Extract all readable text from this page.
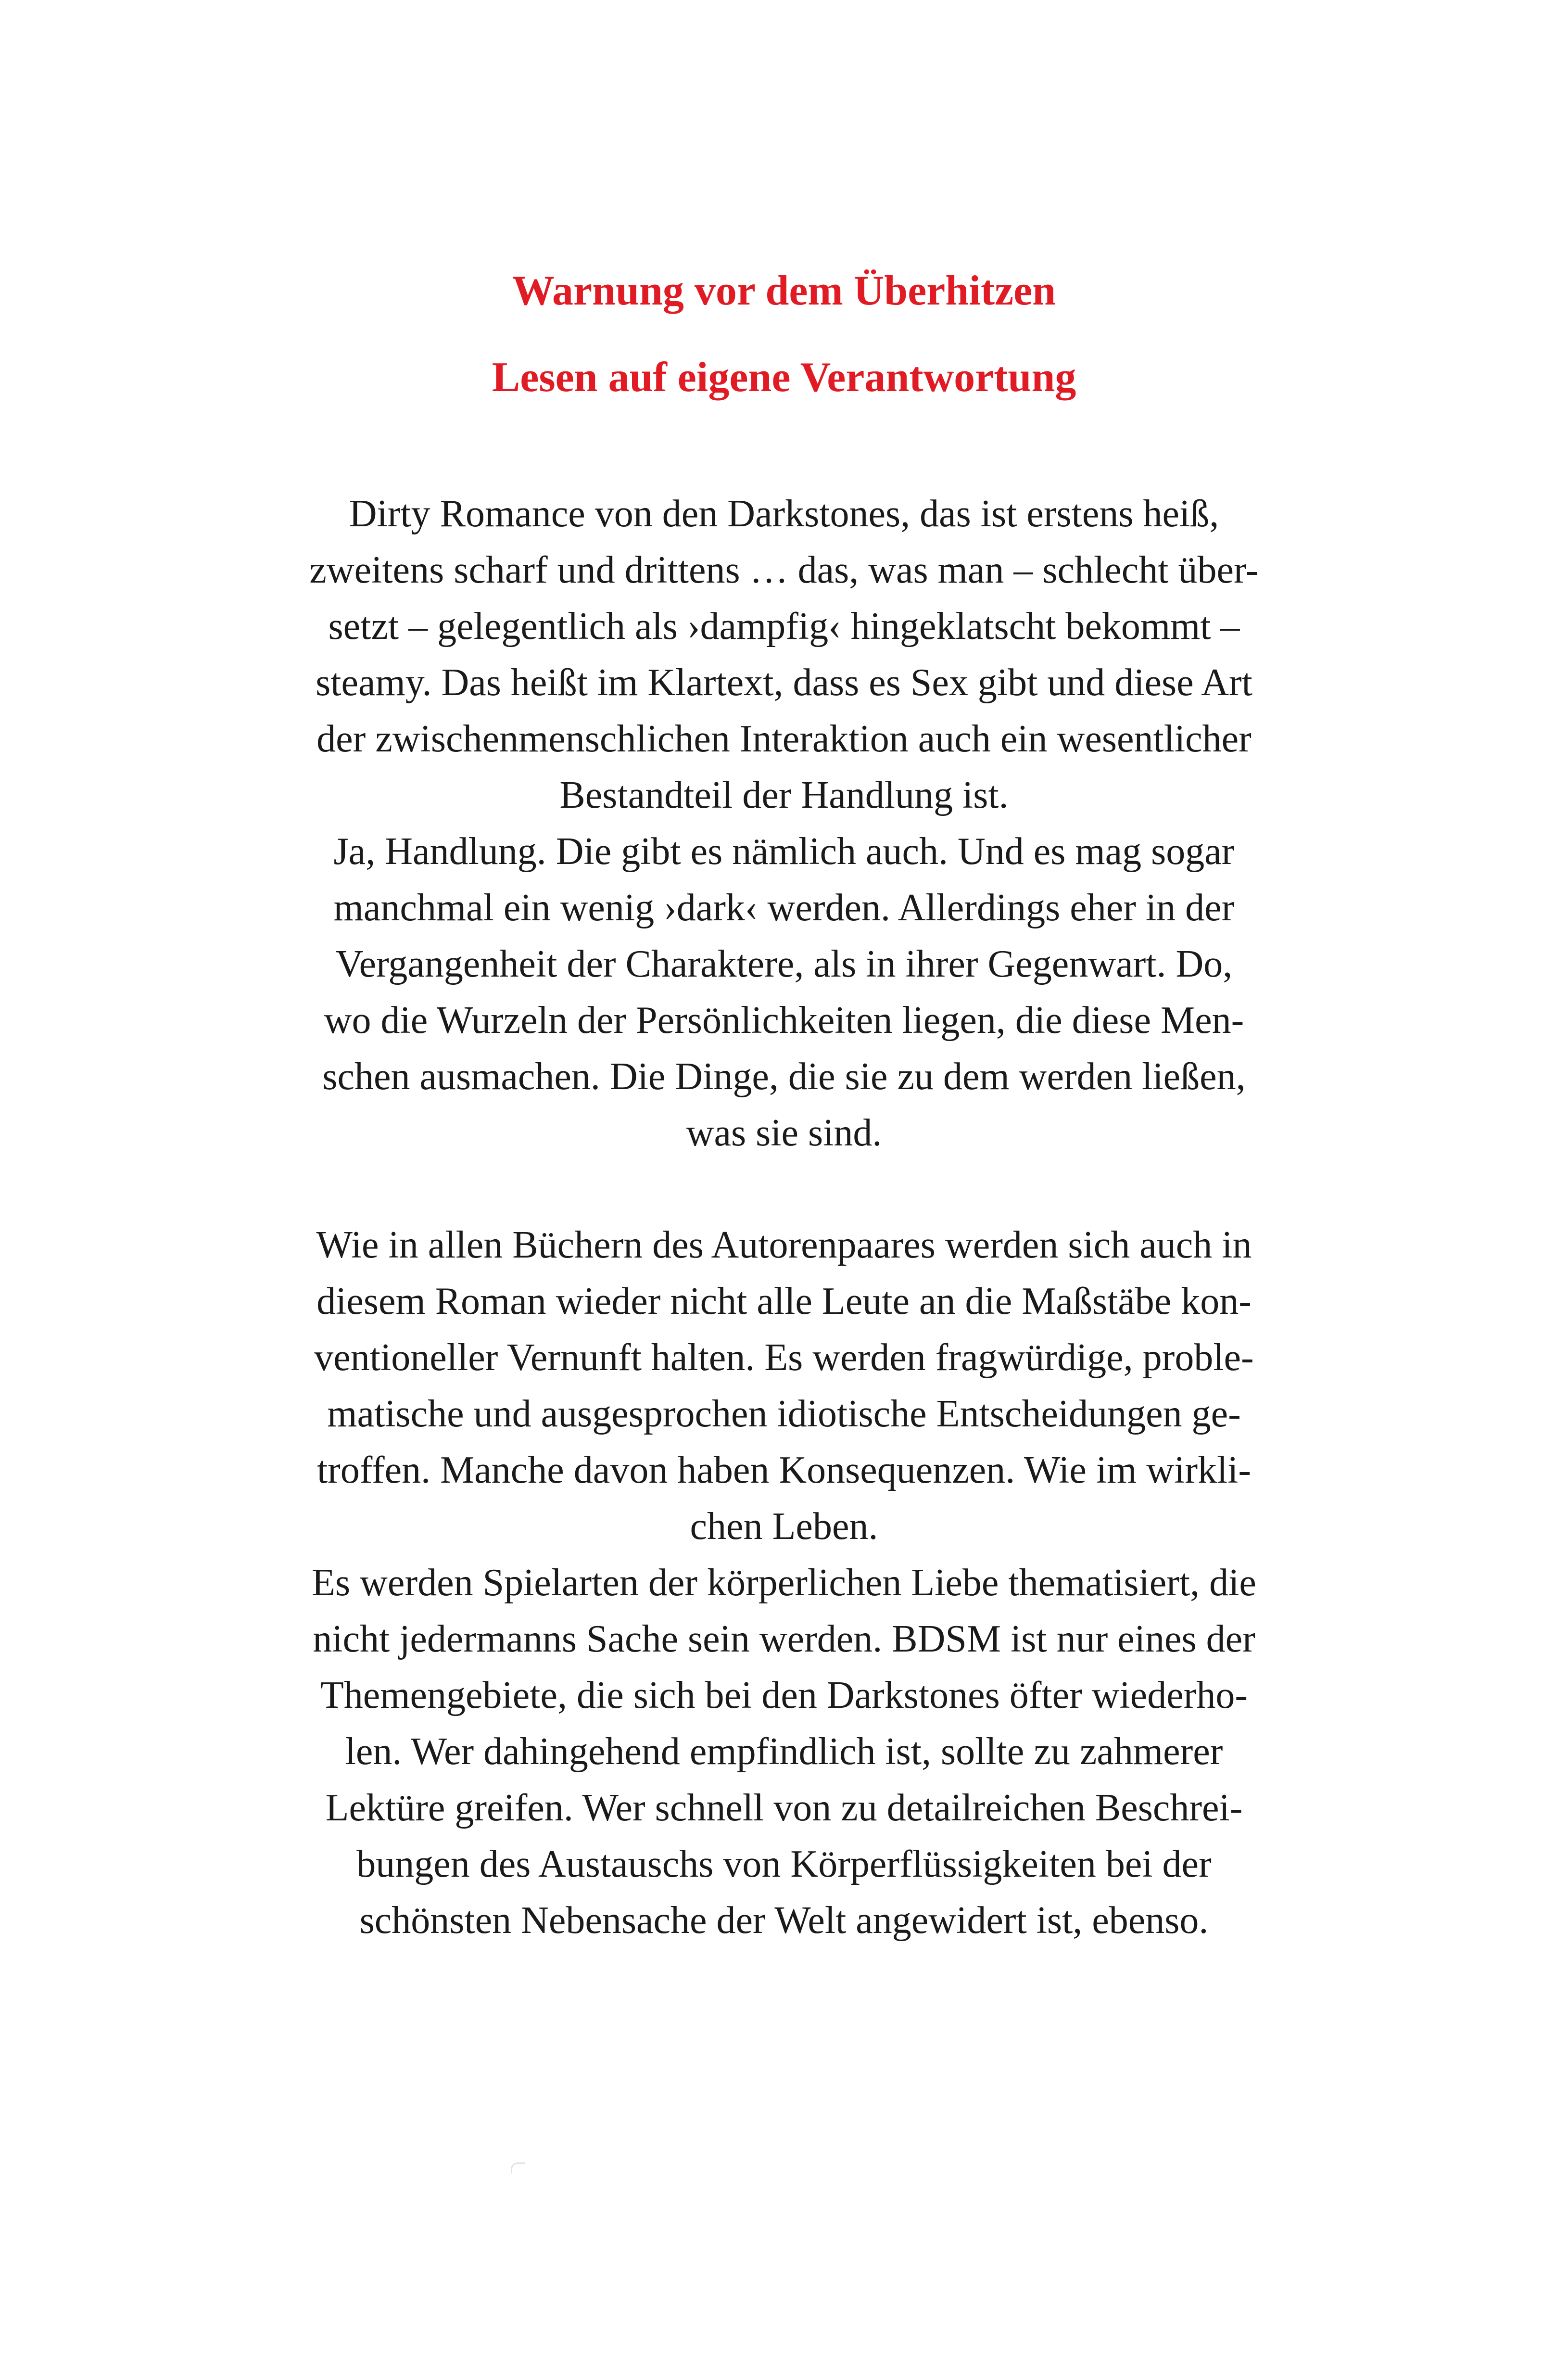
Warnung vor dem Überhitzen
Lesen auf eigene Verantwortung
Dirty Romance von den Darkstones, das ist erstens heiß,
zweitens scharf und drittens … das, was man – schlecht über-
setzt – gelegentlich als ›dampfig‹ hingeklatscht bekommt –
steamy. Das heißt im Klartext, dass es Sex gibt und diese Art
der zwischenmenschlichen Interaktion auch ein wesentlicher
Bestandteil der Handlung ist.
Ja, Handlung. Die gibt es nämlich auch. Und es mag sogar
manchmal ein wenig ›dark‹ werden. Allerdings eher in der
Vergangenheit der Charaktere, als in ihrer Gegenwart. Do,
wo die Wurzeln der Persönlichkeiten liegen, die diese Men-
schen ausmachen. Die Dinge, die sie zu dem werden ließen,
was sie sind.
Wie in allen Büchern des Autorenpaares werden sich auch in
diesem Roman wieder nicht alle Leute an die Maßstäbe kon-
ventioneller Vernunft halten. Es werden fragwürdige, proble-
matische und ausgesprochen idiotische Entscheidungen ge-
troffen. Manche davon haben Konsequenzen. Wie im wirkli-
chen Leben.
Es werden Spielarten der körperlichen Liebe thematisiert, die
nicht jedermanns Sache sein werden. BDSM ist nur eines der
Themengebiete, die sich bei den Darkstones öfter wiederho-
len. Wer dahingehend empfindlich ist, sollte zu zahmerer
Lektüre greifen. Wer schnell von zu detailreichen Beschrei-
bungen des Austauschs von Körperflüssigkeiten bei der
schönsten Nebensache der Welt angewidert ist, ebenso.
